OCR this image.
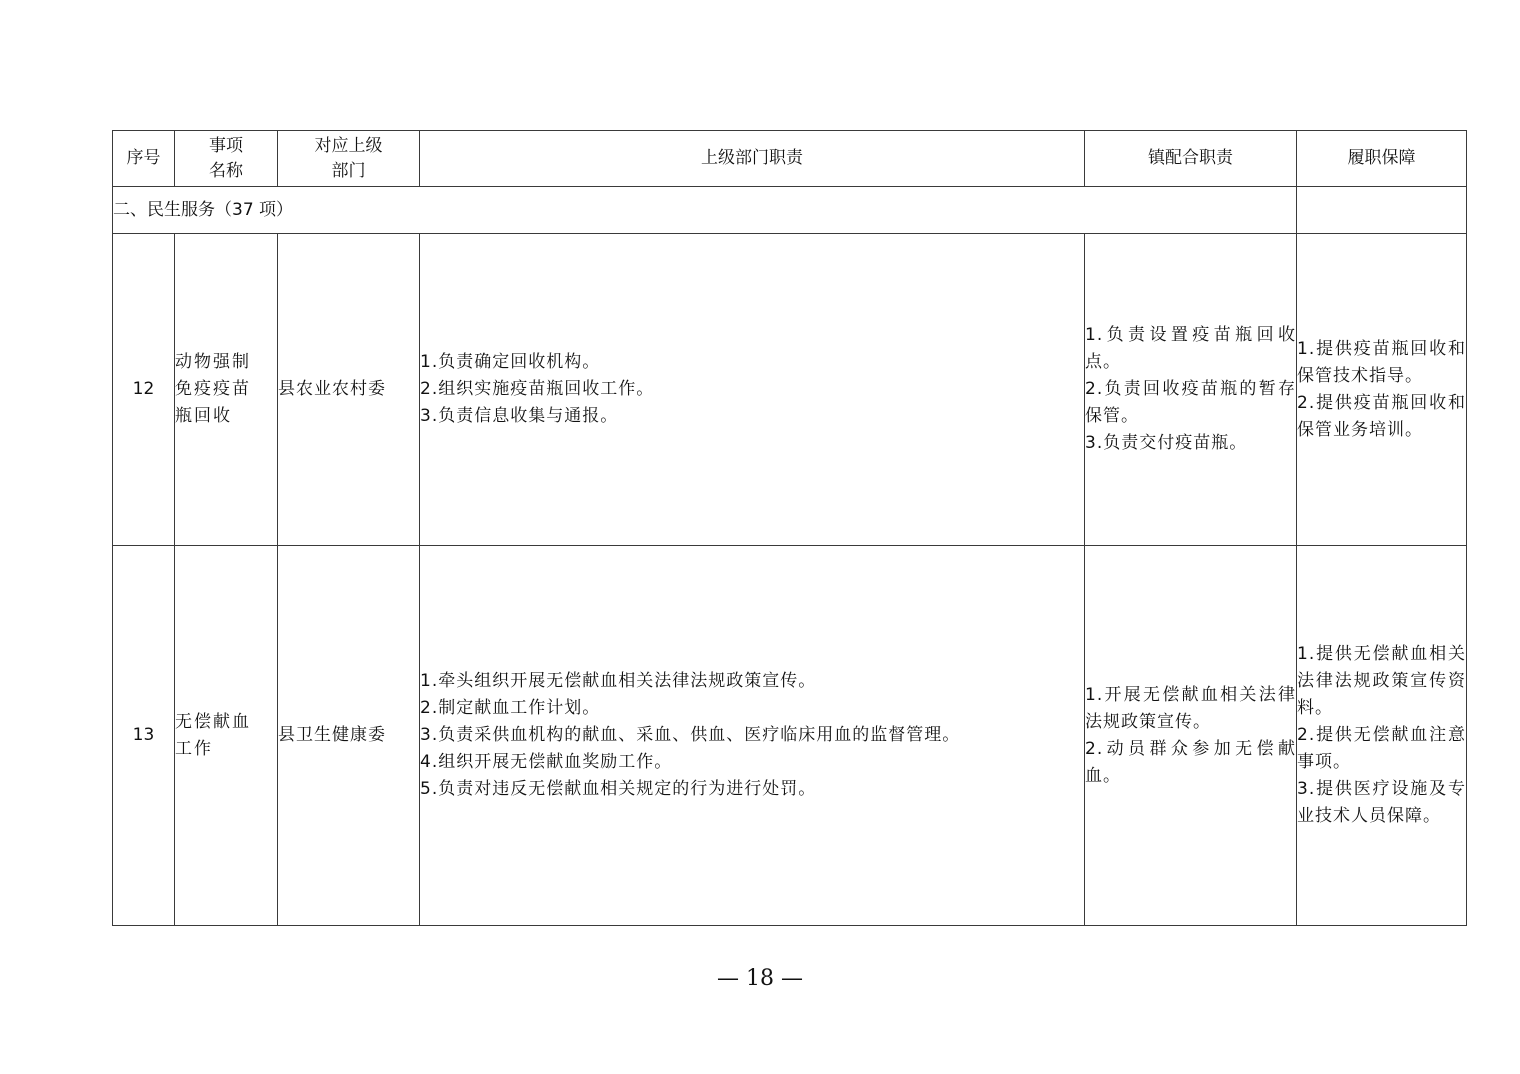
序号	事项
名称	对应上级
部门	上级部门职责	镇配合职责	履职保障
二、民生服务（37 项）					
12	动物强制
免疫疫苗
瓶回收	县农业农村委	1.负责确定回收机构。
2.组织实施疫苗瓶回收工作。
3.负责信息收集与通报。	1.负责设置疫苗瓶回收点。
2.负责回收疫苗瓶的暂存保管。
3.负责交付疫苗瓶。	1.提供疫苗瓶回收和保管技术指导。
2.提供疫苗瓶回收和保管业务培训。

13	无偿献血
工作	县卫生健康委	1.牵头组织开展无偿献血相关法律法规政策宣传。
2.制定献血工作计划。
3.负责采供血机构的献血、采血、供血、医疗临床用血的监督管理。
4.组织开展无偿献血奖励工作。
5.负责对违反无偿献血相关规定的行为进行处罚。	1.开展无偿献血相关法律法规政策宣传。
2.动员群众参加无偿献血。	1.提供无偿献血相关法律法规政策宣传资料。
2.提供无偿献血注意事项。
3.提供医疗设施及专业技术人员保障。
— 18 —
